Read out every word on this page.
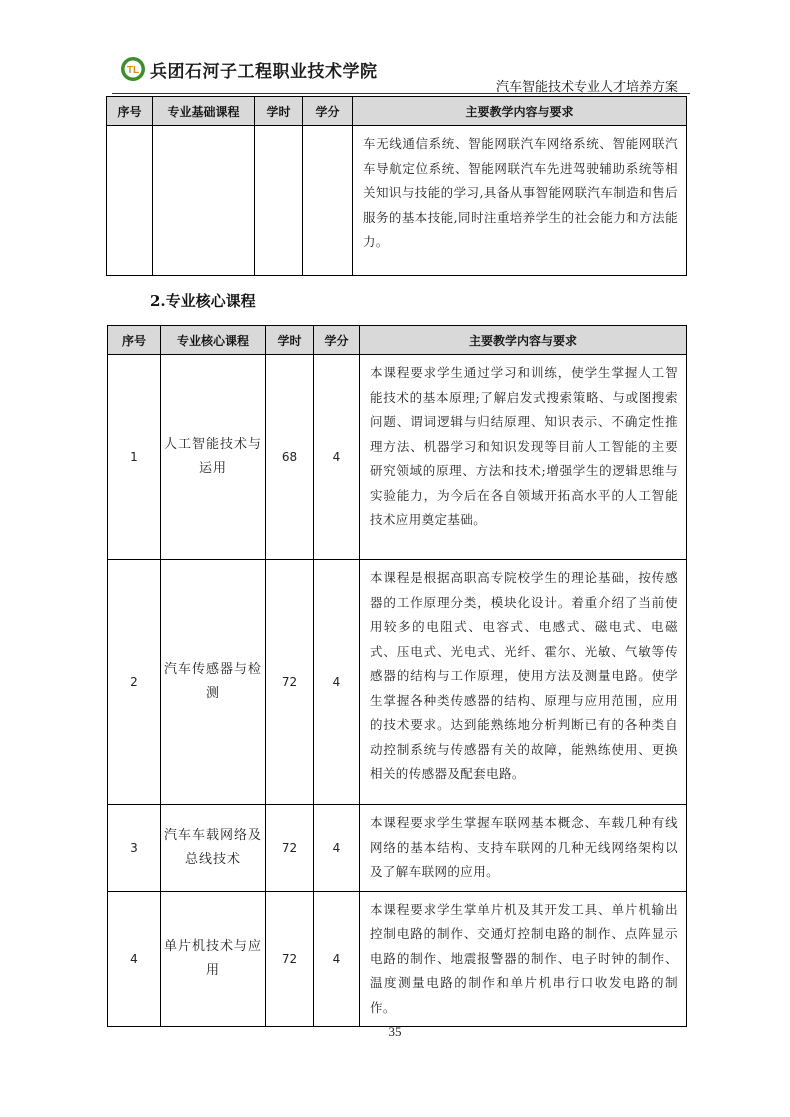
TL 兵团石河子工程职业技术学院
汽车智能技术专业人才培养方案
序号	专业基础课程	学时	学分	主要教学内容与要求
				车无线通信系统、智能网联汽车网络系统、智能网联汽车导航定位系统、智能网联汽车先进驾驶辅助系统等相关知识与技能的学习,具备从事智能网联汽车制造和售后服务的基本技能,同时注重培养学生的社会能力和方法能力。
2.专业核心课程
序号	专业核心课程	学时	学分	主要教学内容与要求
1	人工智能技术与运用	68	4	本课程要求学生通过学习和训练，使学生掌握人工智能技术的基本原理;了解启发式搜索策略、与或图搜索问题、谓词逻辑与归结原理、知识表示、不确定性推理方法、机器学习和知识发现等目前人工智能的主要研究领域的原理、方法和技术;增强学生的逻辑思维与实验能力，为今后在各自领域开拓高水平的人工智能技术应用奠定基础。
2	汽车传感器与检测	72	4	本课程是根据高职高专院校学生的理论基础，按传感器的工作原理分类，模块化设计。着重介绍了当前使用较多的电阻式、电容式、电感式、磁电式、电磁式、压电式、光电式、光纤、霍尔、光敏、气敏等传感器的结构与工作原理，使用方法及测量电路。使学生掌握各种类传感器的结构、原理与应用范围，应用的技术要求。达到能熟练地分析判断已有的各种类自动控制系统与传感器有关的故障，能熟练使用、更换相关的传感器及配套电路。
3	汽车车载网络及总线技术	72	4	本课程要求学生掌握车联网基本概念、车载几种有线网络的基本结构、支持车联网的几种无线网络架构以及了解车联网的应用。
4	单片机技术与应用	72	4	本课程要求学生掌单片机及其开发工具、单片机输出控制电路的制作、交通灯控制电路的制作、点阵显示电路的制作、地震报警器的制作、电子时钟的制作、温度测量电路的制作和单片机串行口收发电路的制作。
35
